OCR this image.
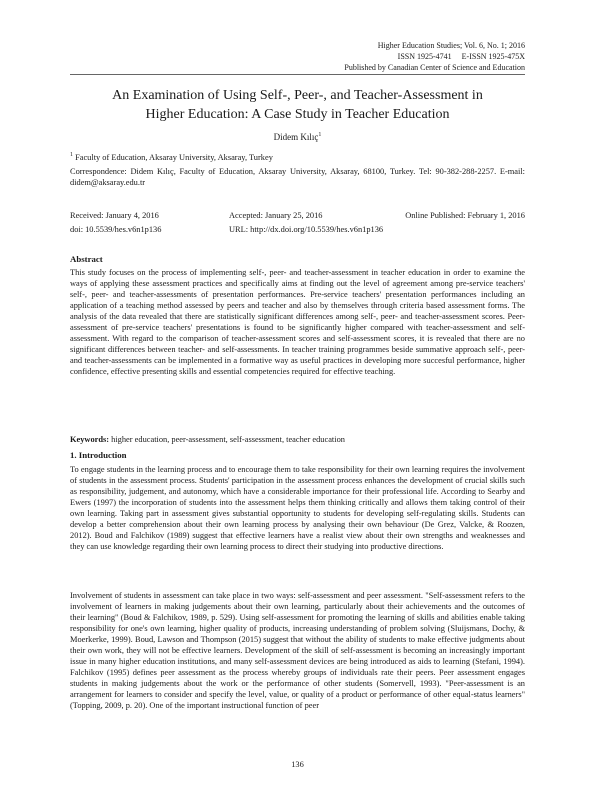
Higher Education Studies; Vol. 6, No. 1; 2016
ISSN 1925-4741     E-ISSN 1925-475X
Published by Canadian Center of Science and Education
An Examination of Using Self-, Peer-, and Teacher-Assessment in
Higher Education: A Case Study in Teacher Education
Didem Kılıç$^1$
$^1$ Faculty of Education, Aksaray University, Aksaray, Turkey
Correspondence: Didem Kılıç, Faculty of Education, Aksaray University, Aksaray, 68100, Turkey. Tel: 90-382-288-2257. E-mail: didem@aksaray.edu.tr
Received: January 4, 2016	Accepted: January 25, 2016	Online Published: February 1, 2016
doi: 10.5539/hes.v6n1p136	URL: http://dx.doi.org/10.5539/hes.v6n1p136
Abstract
This study focuses on the process of implementing self-, peer- and teacher-assessment in teacher education in order to examine the ways of applying these assessment practices and specifically aims at finding out the level of agreement among pre-service teachers' self-, peer- and teacher-assessments of presentation performances. Pre-service teachers' presentation performances including an application of a teaching method assessed by peers and teacher and also by themselves through criteria based assessment forms. The analysis of the data revealed that there are statistically significant differences among self-, peer- and teacher-assessment scores. Peer-assessment of pre-service teachers' presentations is found to be significantly higher compared with teacher-assessment and self-assessment. With regard to the comparison of teacher-assessment scores and self-assessment scores, it is revealed that there are no significant differences between teacher- and self-assessments. In teacher training programmes beside summative approach self-, peer- and teacher-assessments can be implemented in a formative way as useful practices in developing more succesful performance, higher confidence, effective presenting skills and essential competencies required for effective teaching.
Keywords: higher education, peer-assessment, self-assessment, teacher education
1. Introduction
To engage students in the learning process and to encourage them to take responsibility for their own learning requires the involvement of students in the assessment process. Students' participation in the assessment process enhances the development of crucial skills such as responsibility, judgement, and autonomy, which have a considerable importance for their professional life. According to Searby and Ewers (1997) the incorporation of students into the assessment helps them thinking critically and allows them taking control of their own learning. Taking part in assessment gives substantial opportunity to students for developing self-regulating skills. Students can develop a better comprehension about their own learning process by analysing their own behaviour (De Grez, Valcke, & Roozen, 2012). Boud and Falchikov (1989) suggest that effective learners have a realist view about their own strengths and weaknesses and they can use knowledge regarding their own learning process to direct their studying into productive directions.
Involvement of students in assessment can take place in two ways: self-assessment and peer assessment. "Self-assessment refers to the involvement of learners in making judgements about their own learning, particularly about their achievements and the outcomes of their learning" (Boud & Falchikov, 1989, p. 529). Using self-assessment for promoting the learning of skills and abilities enable taking responsibility for one's own learning, higher quality of products, increasing understanding of problem solving (Sluijsmans, Dochy, & Moerkerke, 1999). Boud, Lawson and Thompson (2015) suggest that without the ability of students to make effective judgments about their own work, they will not be effective learners. Development of the skill of self-assessment is becoming an increasingly important issue in many higher education institutions, and many self-assessment devices are being introduced as aids to learning (Stefani, 1994). Falchikov (1995) defines peer assessment as the process whereby groups of individuals rate their peers. Peer assessment engages students in making judgements about the work or the performance of other students (Somervell, 1993). "Peer-assessment is an arrangement for learners to consider and specify the level, value, or quality of a product or performance of other equal-status learners" (Topping, 2009, p. 20). One of the important instructional function of peer
136
